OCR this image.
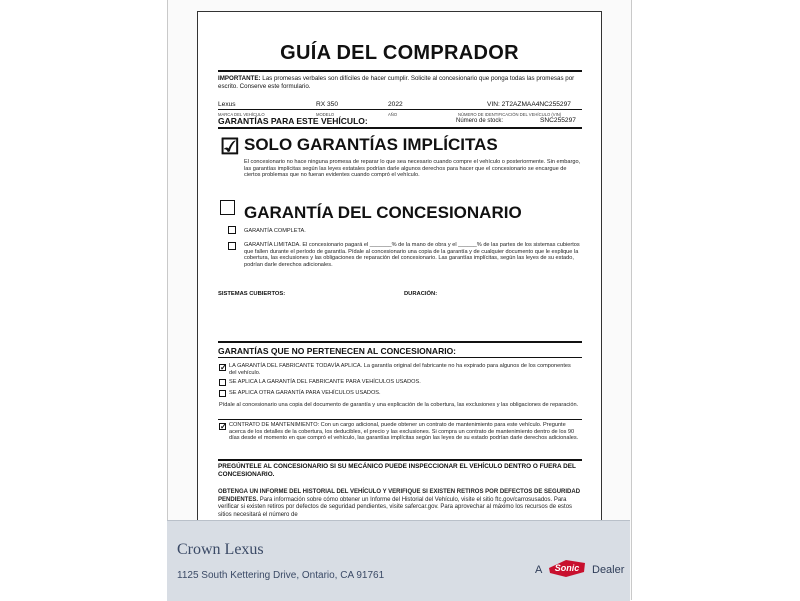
GUÍA DEL COMPRADOR
IMPORTANTE: Las promesas verbales son difíciles de hacer cumplir. Solicite al concesionario que ponga todas las promesas por escrito. Conserve este formulario.
Lexus	RX 350	2022	VIN: 2T2AZMAA4NC255297
MARCA DEL VEHÍCULO	MODELO	AÑO	NÚMERO DE IDENTIFICACIÓN DEL VEHÍCULO (VIN)
GARANTÍAS PARA ESTE VEHÍCULO:	Número de stock:	SNC255297
☑ SOLO GARANTÍAS IMPLÍCITAS
El concesionario no hace ninguna promesa de reparar lo que sea necesario cuando compre el vehículo o posteriormente. Sin embargo, las garantías implícitas según las leyes estatales podrían darle algunos derechos para hacer que el concesionario se encargue de ciertos problemas que no fueran evidentes cuando compró el vehículo.
GARANTÍA DEL CONCESIONARIO
GARANTÍA COMPLETA.
GARANTÍA LIMITADA. El concesionario pagará el _______% de la mano de obra y el ______% de las partes de los sistemas cubiertos que fallen durante el período de garantía. Pídale al concesionario una copia de la garantía y de cualquier documento que le explique la cobertura, las exclusiones y las obligaciones de reparación del concesionario. Las garantías implícitas, según las leyes de su estado, podrían darle derechos adicionales.
SISTEMAS CUBIERTOS:	DURACIÓN:
GARANTÍAS QUE NO PERTENECEN AL CONCESIONARIO:
✓ LA GARANTÍA DEL FABRICANTE TODAVÍA APLICA. La garantía original del fabricante no ha expirado para algunos de los componentes del vehículo.
SE APLICA LA GARANTÍA DEL FABRICANTE PARA VEHÍCULOS USADOS.
SE APLICA OTRA GARANTÍA PARA VEHÍCULOS USADOS.
Pídale al concesionario una copia del documento de garantía y una explicación de la cobertura, las exclusiones y las obligaciones de reparación.
✓ CONTRATO DE MANTENIMIENTO: Con un cargo adicional, puede obtener un contrato de mantenimiento para este vehículo. Pregunte acerca de los detalles de la cobertura, los deducibles, el precio y las exclusiones. Si compra un contrato de mantenimiento dentro de los 90 días desde el momento en que compró el vehículo, las garantías implícitas según las leyes de su estado podrían darle derechos adicionales.
PREGÚNTELE AL CONCESIONARIO SI SU MECÁNICO PUEDE INSPECCIONAR EL VEHÍCULO DENTRO O FUERA DEL CONCESIONARIO.
OBTENGA UN INFORME DEL HISTORIAL DEL VEHÍCULO Y VERIFIQUE SI EXISTEN RETIROS POR DEFECTOS DE SEGURIDAD PENDIENTES. Para información sobre cómo obtener un Informe del Historial del Vehículo, visite el sitio ftc.gov/carrosusados. Para verificar si existen retiros por defectos de seguridad pendientes, visite safercar.gov. Para aprovechar al máximo los recursos de estos sitios necesitará el número de
Crown Lexus
1125 South Kettering Drive, Ontario, CA 91761	A Sonic Dealer
